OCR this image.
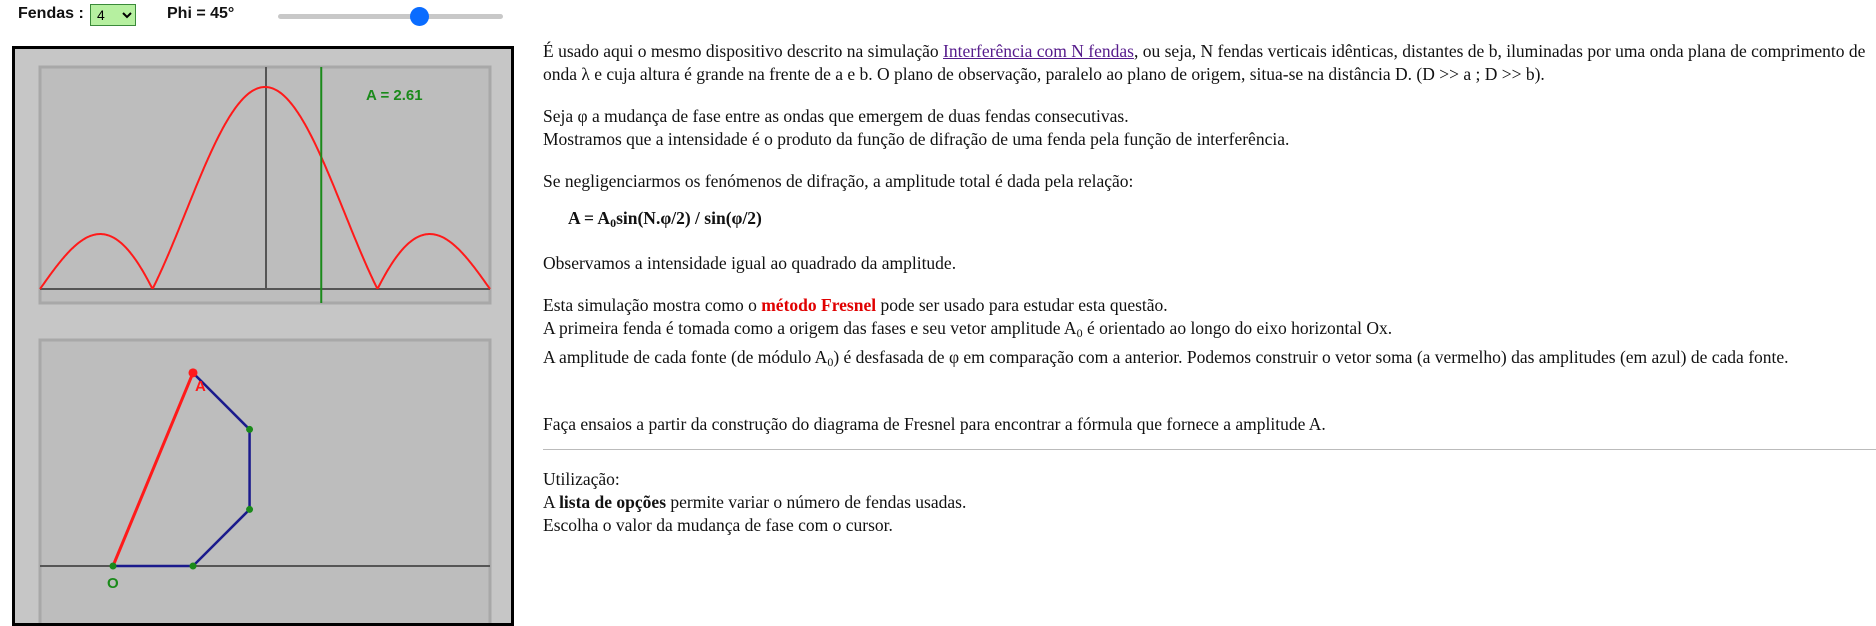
Fendas :
4	Phi = 45°
A = 2.61
A
O

É usado aqui o mesmo dispositivo descrito na simulação Interferência com N fendas, ou seja, N fendas verticais idênticas, distantes de b, iluminadas por uma onda plana de comprimento de onda λ e cuja altura é grande na frente de a e b. O plano de observação, paralelo ao plano de origem, situa-se na distância D. (D >> a ; D >> b).

Seja φ a mudança de fase entre as ondas que emergem de duas fendas consecutivas.

Mostramos que a intensidade é o produto da função de difração de uma fenda pela função de interferência.

Se negligenciarmos os fenómenos de difração, a amplitude total é dada pela relação:

$A = A_0\sin(N.\varphi/2) / \sin(\varphi/2)$

Observamos a intensidade igual ao quadrado da amplitude.

Esta simulação mostra como o método Fresnel pode ser usado para estudar esta questão.

A primeira fenda é tomada como a origem das fases e seu vetor amplitude $A_0$ é orientado ao longo do eixo horizontal Ox.

A amplitude de cada fonte (de módulo $A_0$) é desfasada de φ em comparação com a anterior. Podemos construir o vetor soma (a vermelho) das amplitudes (em azul) de cada fonte.

Faça ensaios a partir da construção do diagrama de Fresnel para encontrar a fórmula que fornece a amplitude A.

Utilização:

A lista de opções permite variar o número de fendas usadas.

Escolha o valor da mudança de fase com o cursor.
